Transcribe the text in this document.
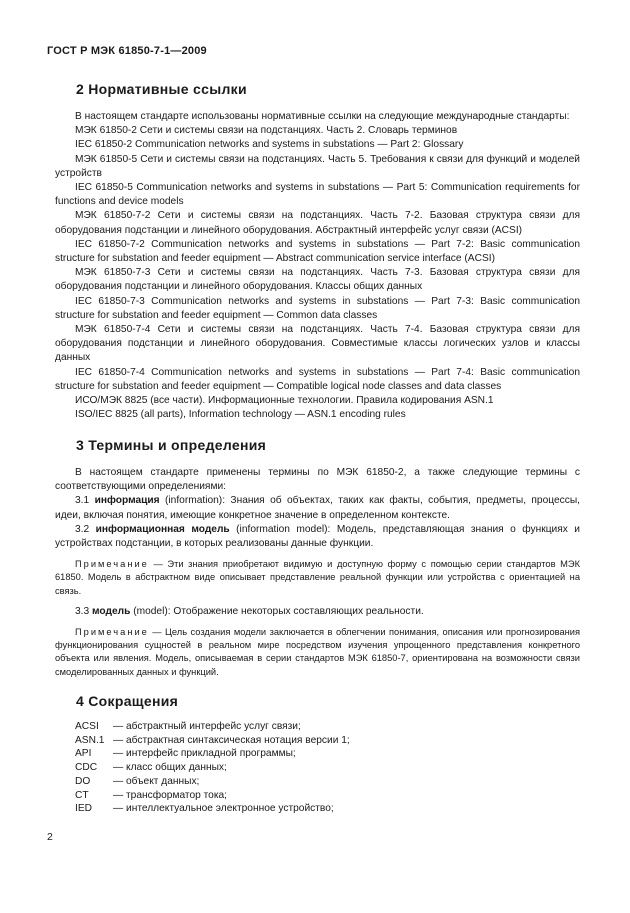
ГОСТ Р МЭК 61850-7-1—2009
2 Нормативные ссылки

В настоящем стандарте использованы нормативные ссылки на следующие международные стандарты:

МЭК 61850-2 Сети и системы связи на подстанциях. Часть 2. Словарь терминов

IEC 61850-2 Communication networks and systems in substations — Part 2: Glossary

МЭК 61850-5 Сети и системы связи на подстанциях. Часть 5. Требования к связи для функций и моделей устройств

IEC 61850-5 Communication networks and systems in substations — Part 5: Communication requirements for functions and device models

МЭК 61850-7-2 Сети и системы связи на подстанциях. Часть 7-2. Базовая структура связи для оборудования подстанции и линейного оборудования. Абстрактный интерфейс услуг связи (ACSI)

IEC 61850-7-2 Communication networks and systems in substations — Part 7-2: Basic communication structure for substation and feeder equipment — Abstract communication service interface (ACSI)

МЭК 61850-7-3 Сети и системы связи на подстанциях. Часть 7-3. Базовая структура связи для оборудования подстанции и линейного оборудования. Классы общих данных

IEC 61850-7-3 Communication networks and systems in substations — Part 7-3: Basic communication structure for substation and feeder equipment — Common data classes

МЭК 61850-7-4 Сети и системы связи на подстанциях. Часть 7-4. Базовая структура связи для оборудования подстанции и линейного оборудования. Совместимые классы логических узлов и классы данных

IEC 61850-7-4 Communication networks and systems in substations — Part 7-4: Basic communication structure for substation and feeder equipment — Compatible logical node classes and data classes

ИСО/МЭК 8825 (все части). Информационные технологии. Правила кодирования ASN.1

ISO/IEC 8825 (all parts), Information technology — ASN.1 encoding rules

3 Термины и определения

В настоящем стандарте применены термины по МЭК 61850-2, а также следующие термины с соответствующими определениями:

3.1 информация (information): Знания об объектах, таких как факты, события, предметы, процессы, идеи, включая понятия, имеющие конкретное значение в определенном контексте.

3.2 информационная модель (information model): Модель, представляющая знания о функциях и устройствах подстанции, в которых реализованы данные функции.

Примечание — Эти знания приобретают видимую и доступную форму с помощью серии стандартов МЭК 61850. Модель в абстрактном виде описывает представление реальной функции или устройства с ориентацией на связь.

3.3 модель (model): Отображение некоторых составляющих реальности.

Примечание — Цель создания модели заключается в облегчении понимания, описания или прогнозирования функционирования сущностей в реальном мире посредством изучения упрощенного представления конкретного объекта или явления. Модель, описываемая в серии стандартов МЭК 61850-7, ориентирована на возможности связи смоделированных данных и функций.

4 Сокращения
ACSI	— абстрактный интерфейс услуг связи;
ASN.1	— абстрактная синтаксическая нотация версии 1;
API	— интерфейс прикладной программы;
CDC	— класс общих данных;
DO	— объект данных;
CT	— трансформатор тока;
IED	— интеллектуальное электронное устройство;
2
